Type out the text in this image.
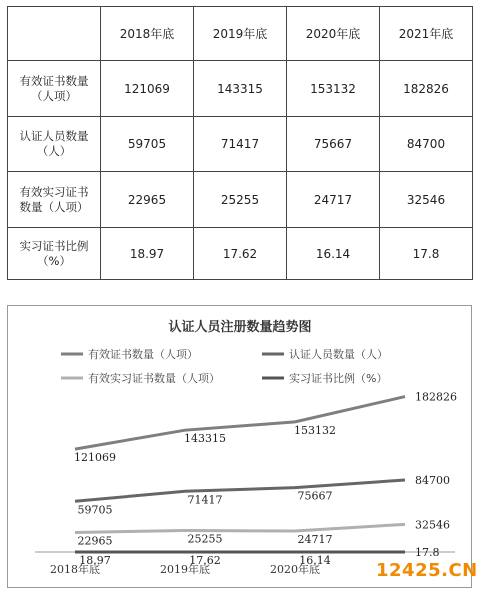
	2018年底	2019年底	2020年底	2021年底

有效证书数量
（人项）	121069	143315	153132	182826

认证人员数量
（人）	59705	71417	75667	84700

有效实习证书
数量（人项）	22965	25255	24717	32546

实习证书比例
（%）	18.97	17.62	16.14	17.8
认证人员注册数量趋势图
有效证书数量（人项）	认证人员数量（人）
有效实习证书数量（人项）	实习证书比例（%）
2018年底	2019年底	2020年底
121069
143315
153132
182826
59705
71417	75667
84700
22965	25255	24717
32546
18.97	17.62	16.14
17.8
12425.CN
